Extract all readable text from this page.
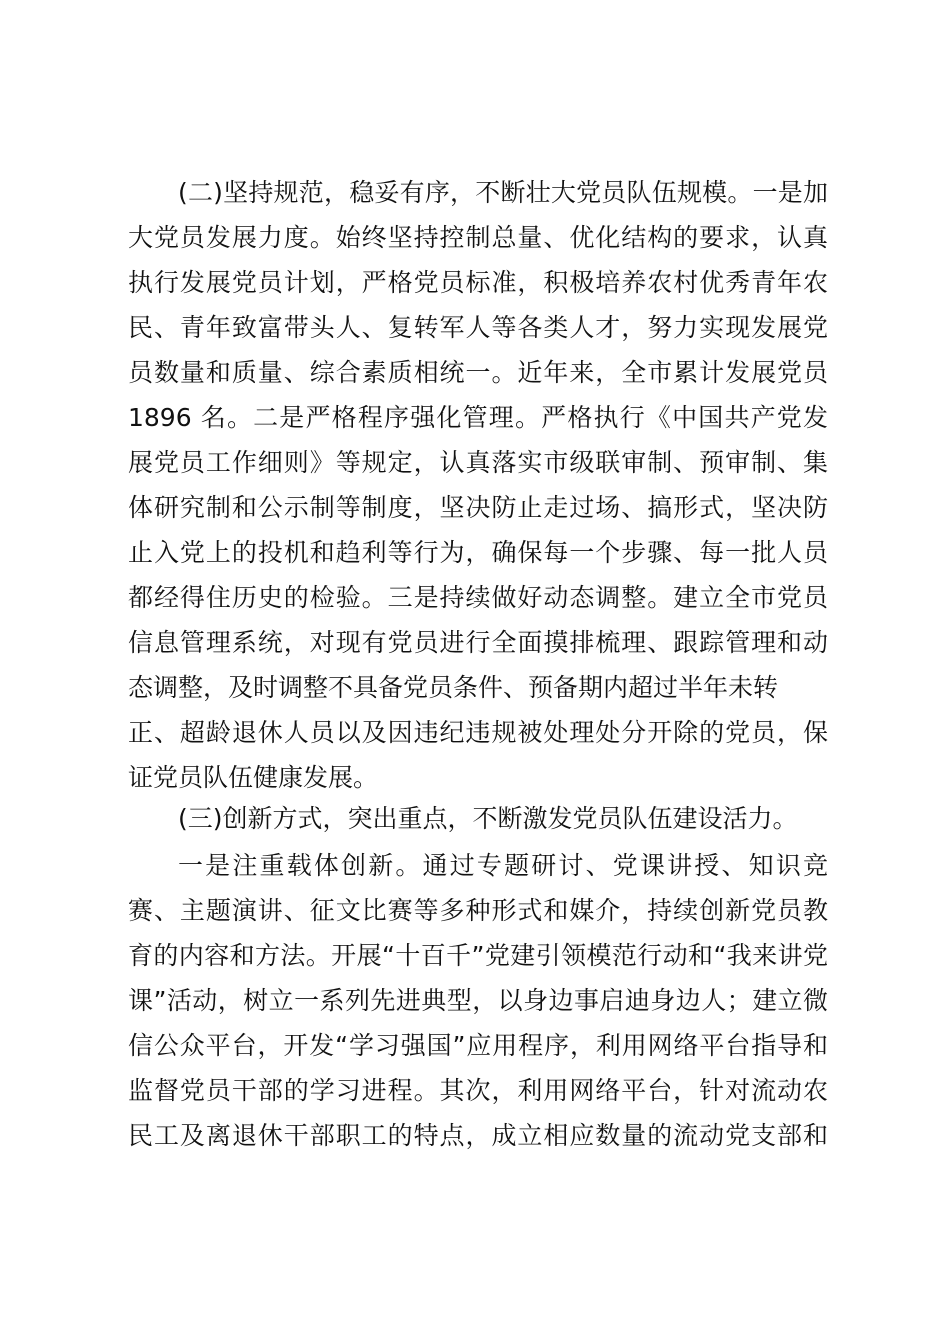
(二)坚持规范，稳妥有序，不断壮大党员队伍规模。一是加
大党员发展力度。始终坚持控制总量、优化结构的要求，认真
执行发展党员计划，严格党员标准，积极培养农村优秀青年农
民、青年致富带头人、复转军人等各类人才，努力实现发展党
员数量和质量、综合素质相统一。近年来，全市累计发展党员
1896 名。二是严格程序强化管理。严格执行《中国共产党发
展党员工作细则》等规定，认真落实市级联审制、预审制、集
体研究制和公示制等制度，坚决防止走过场、搞形式，坚决防
止入党上的投机和趋利等行为，确保每一个步骤、每一批人员
都经得住历史的检验。三是持续做好动态调整。建立全市党员
信息管理系统，对现有党员进行全面摸排梳理、跟踪管理和动
态调整，及时调整不具备党员条件、预备期内超过半年未转
正、超龄退休人员以及因违纪违规被处理处分开除的党员，保
证党员队伍健康发展。
(三)创新方式，突出重点，不断激发党员队伍建设活力。
一是注重载体创新。通过专题研讨、党课讲授、知识竞
赛、主题演讲、征文比赛等多种形式和媒介，持续创新党员教
育的内容和方法。开展“十百千”党建引领模范行动和“我来讲党
课”活动，树立一系列先进典型，以身边事启迪身边人；建立微
信公众平台，开发“学习强国”应用程序，利用网络平台指导和
监督党员干部的学习进程。其次，利用网络平台，针对流动农
民工及离退休干部职工的特点，成立相应数量的流动党支部和
